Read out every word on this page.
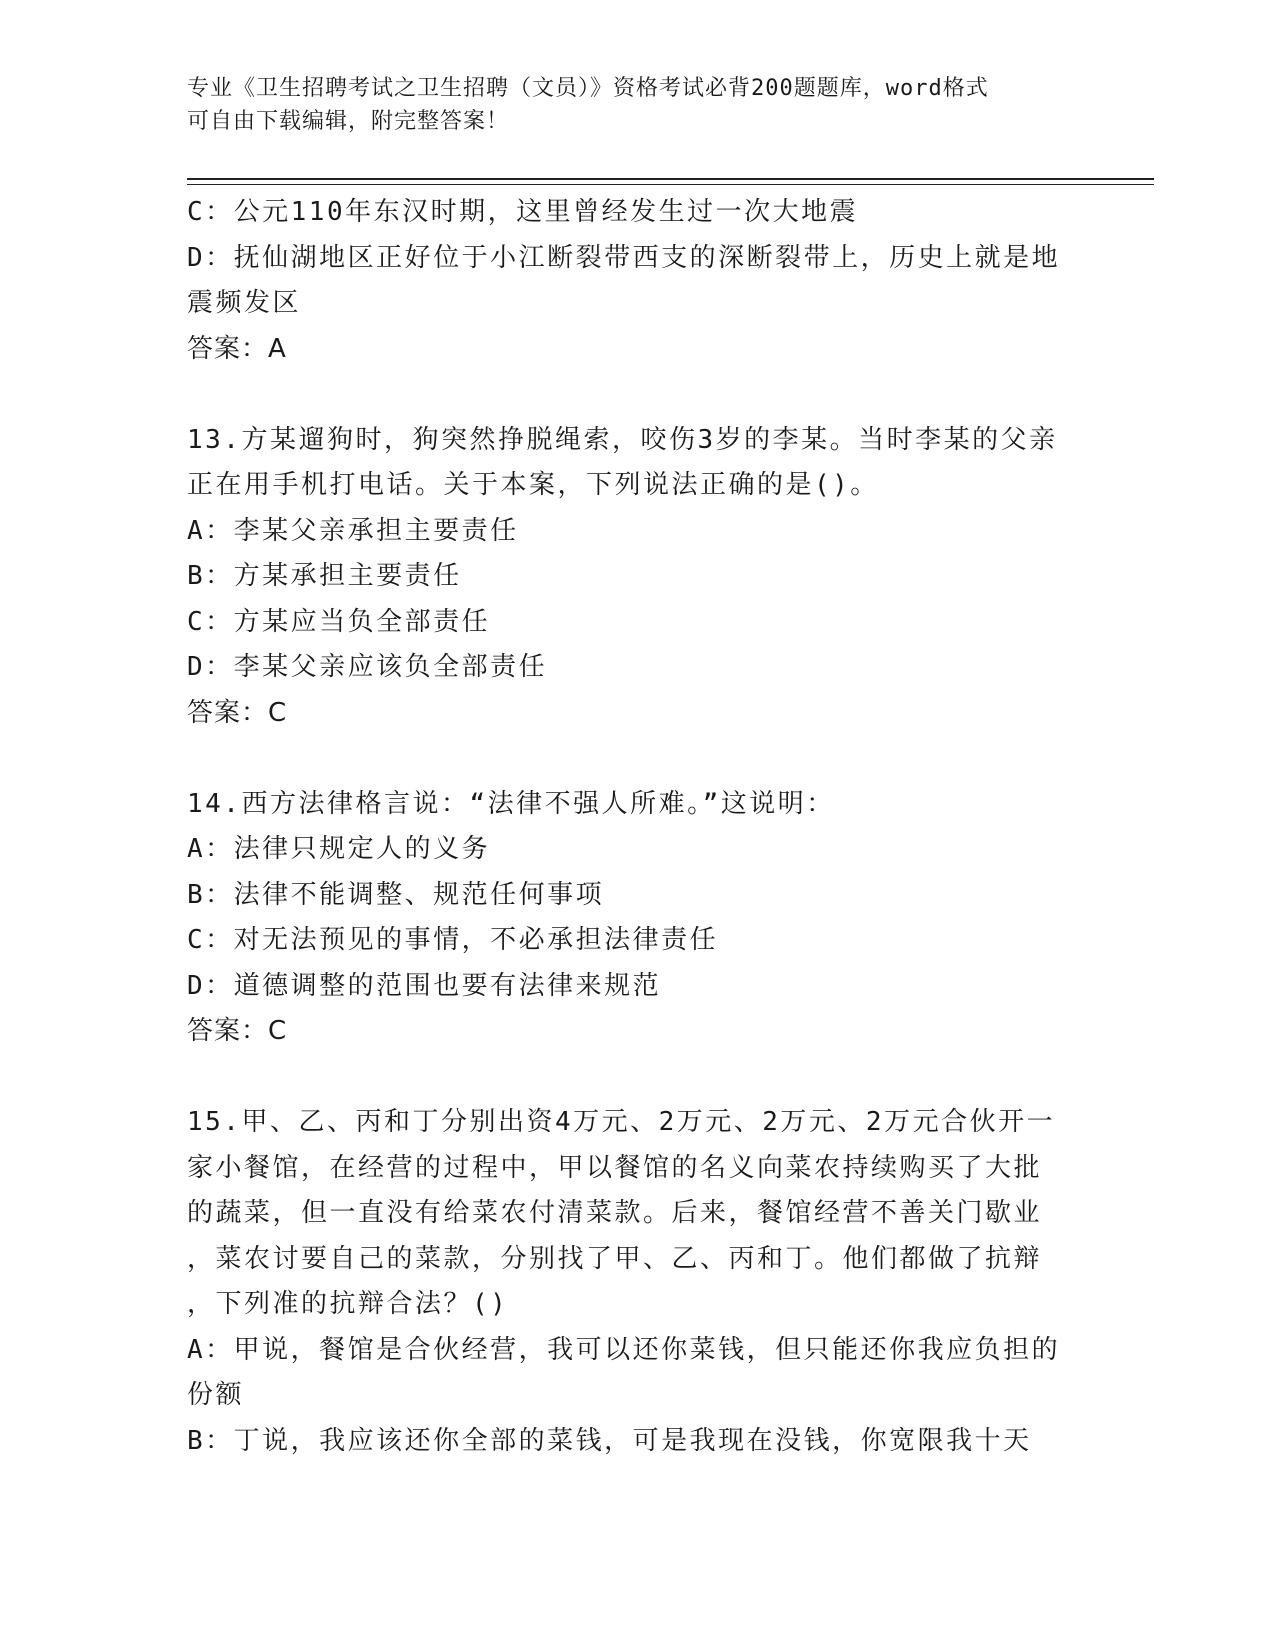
专业《卫生招聘考试之卫生招聘（文员）》资格考试必背200题题库，word格式
可自由下载编辑，附完整答案！
C：公元110年东汉时期，这里曾经发生过一次大地震
D：抚仙湖地区正好位于小江断裂带西支的深断裂带上，历史上就是地
震频发区
答案：A
13.方某遛狗时，狗突然挣脱绳索，咬伤3岁的李某。当时李某的父亲
正在用手机打电话。关于本案，下列说法正确的是()。
A：李某父亲承担主要责任
B：方某承担主要责任
C：方某应当负全部责任
D：李某父亲应该负全部责任
答案：C
14.西方法律格言说：“法律不强人所难。”这说明：
A：法律只规定人的义务
B：法律不能调整、规范任何事项
C：对无法预见的事情，不必承担法律责任
D：道德调整的范围也要有法律来规范
答案：C
15.甲、乙、丙和丁分别出资4万元、2万元、2万元、2万元合伙开一
家小餐馆，在经营的过程中，甲以餐馆的名义向菜农持续购买了大批
的蔬菜，但一直没有给菜农付清菜款。后来，餐馆经营不善关门歇业
，菜农讨要自己的菜款，分别找了甲、乙、丙和丁。他们都做了抗辩
，下列准的抗辩合法？()
A：甲说，餐馆是合伙经营，我可以还你菜钱，但只能还你我应负担的
份额
B：丁说，我应该还你全部的菜钱，可是我现在没钱，你宽限我十天
